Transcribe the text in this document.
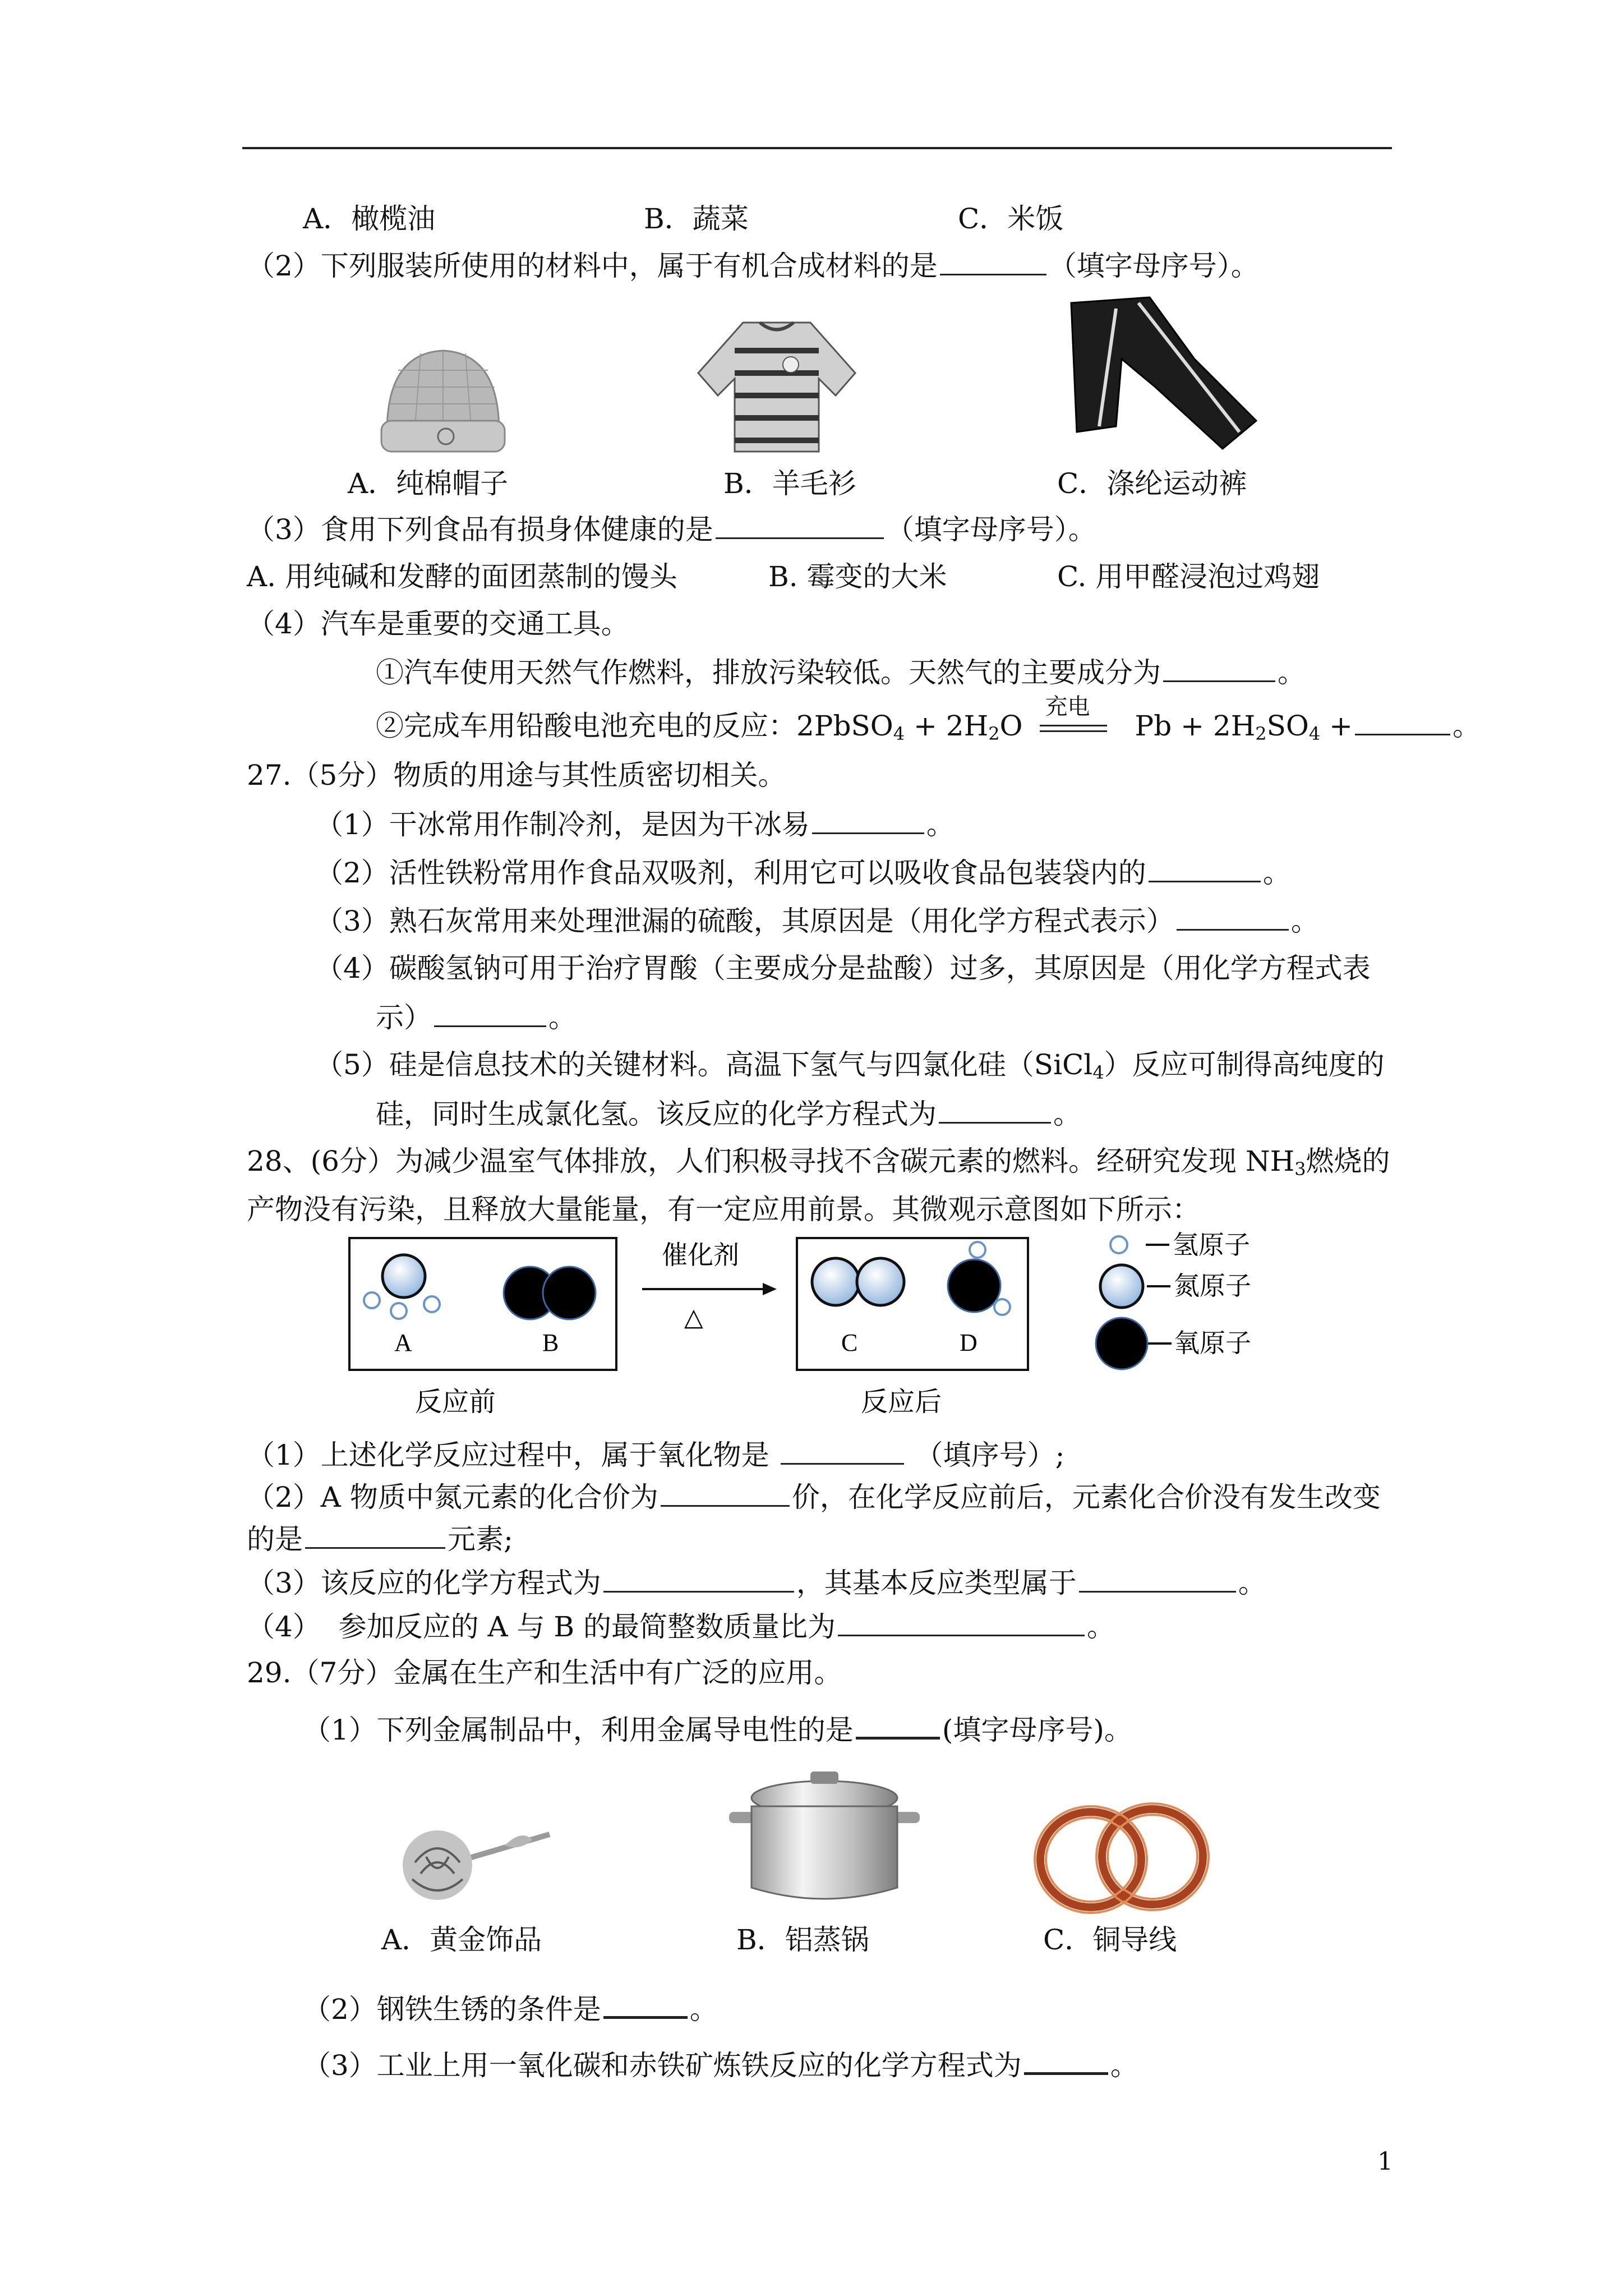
A．橄榄油	B．蔬菜	C．米饭
（2）下列服装所使用的材料中，属于有机合成材料的是	（填字母序号）。
A．纯棉帽子	B．羊毛衫	C．涤纶运动裤
（3）食用下列食品有损身体健康的是	（填字母序号）。
A. 用纯碱和发酵的面团蒸制的馒头	B. 霉变的大米	C. 用甲醛浸泡过鸡翅
（4）汽车是重要的交通工具。
①汽车使用天然气作燃料，排放污染较低。天然气的主要成分为	。
②完成车用铅酸电池充电的反应：2PbSO$_4$ + $2H_2O$
充电
$Pb + 2H_2SO_4$ +	。
27.（5分）物质的用途与其性质密切相关。
（1）干冰常用作制冷剂，是因为干冰易	。
（2）活性铁粉常用作食品双吸剂，利用它可以吸收食品包装袋内的	。
（3）熟石灰常用来处理泄漏的硫酸，其原因是（用化学方程式表示）	。
（4）碳酸氢钠可用于治疗胃酸（主要成分是盐酸）过多，其原因是（用化学方程式表
示）	。
（5）硅是信息技术的关键材料。高温下氢气与四氯化硅（SiCl$_4$）反应可制得高纯度的
硅，同时生成氯化氢。该反应的化学方程式为	。
28、(6分）为减少温室气体排放，人们积极寻找不含碳元素的燃料。经研究发现 $NH_3$燃烧的
产物没有污染，且释放大量能量，有一定应用前景。其微观示意图如下所示：
A	B
反应前
催化剂
△
C	D
反应后
氢原子
氮原子
氧原子
（1）上述化学反应过程中，属于氧化物是	（填序号）;
（2）A 物质中氮元素的化合价为	价，在化学反应前后，元素化合价没有发生改变
的是	元素;
（3）该反应的化学方程式为	，其基本反应类型属于	。
（4）  参加反应的 A 与 B 的最简整数质量比为	。
29.（7分）金属在生产和生活中有广泛的应用。
（1）下列金属制品中，利用金属导电性的是	(填字母序号)。
A．黄金饰品	B．铝蒸锅	C．铜导线
（2）钢铁生锈的条件是	。
（3）工业上用一氧化碳和赤铁矿炼铁反应的化学方程式为	。
1
